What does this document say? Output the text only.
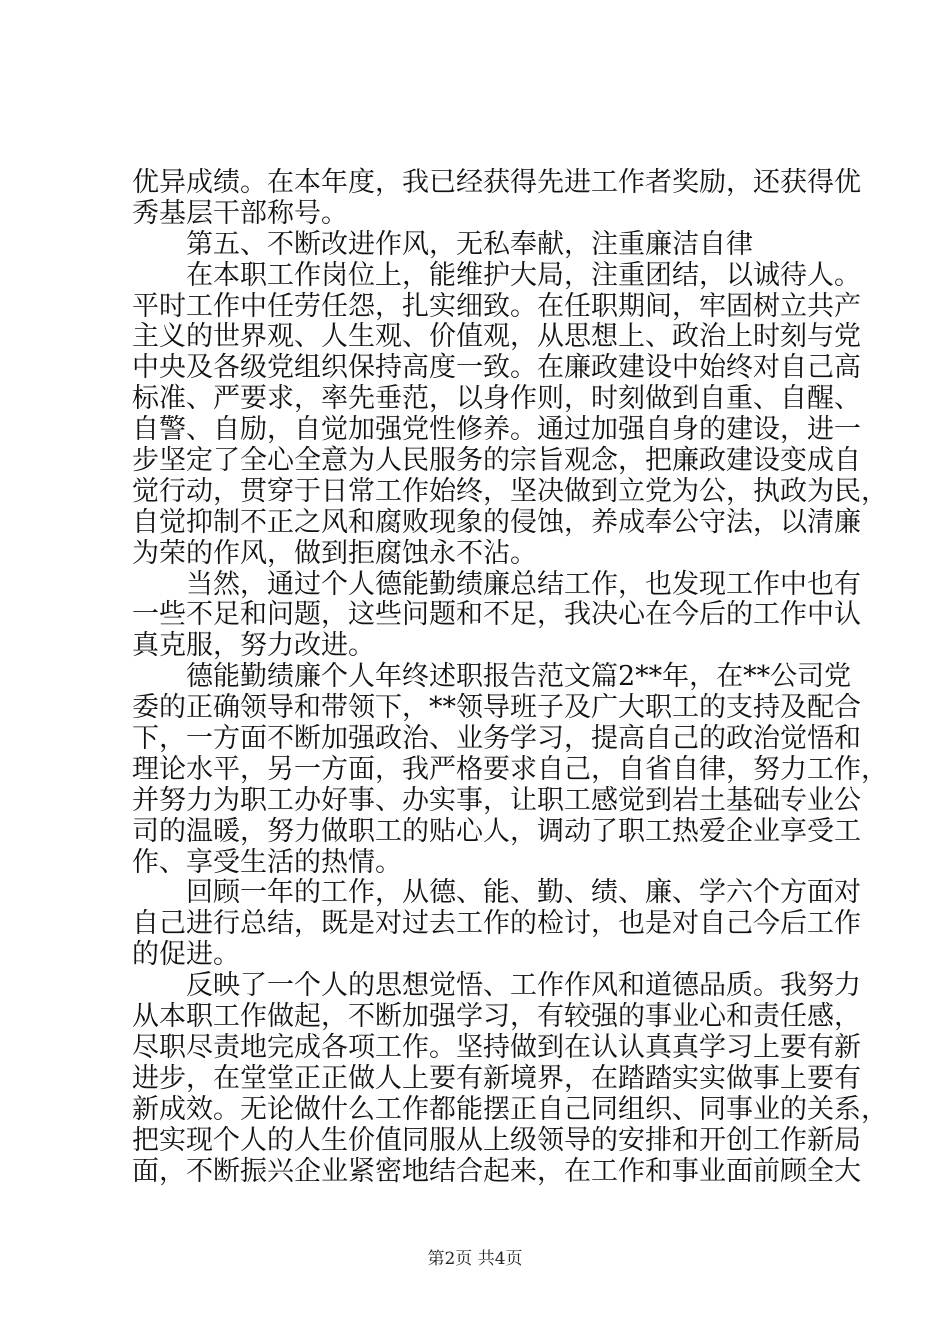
优异成绩。在本年度，我已经获得先进工作者奖励，还获得优
秀基层干部称号。
　　第五、不断改进作风，无私奉献，注重廉洁自律
　　在本职工作岗位上，能维护大局，注重团结，以诚待人。
平时工作中任劳任怨，扎实细致。在任职期间，牢固树立共产
主义的世界观、人生观、价值观，从思想上、政治上时刻与党
中央及各级党组织保持高度一致。在廉政建设中始终对自己高
标准、严要求，率先垂范，以身作则，时刻做到自重、自醒、
自警、自励，自觉加强党性修养。通过加强自身的建设，进一
步坚定了全心全意为人民服务的宗旨观念，把廉政建设变成自
觉行动，贯穿于日常工作始终，坚决做到立党为公，执政为民，
自觉抑制不正之风和腐败现象的侵蚀，养成奉公守法，以清廉
为荣的作风，做到拒腐蚀永不沾。
　　当然，通过个人德能勤绩廉总结工作，也发现工作中也有
一些不足和问题，这些问题和不足，我决心在今后的工作中认
真克服，努力改进。
　　德能勤绩廉个人年终述职报告范文篇2**年，在**公司党
委的正确领导和带领下，**领导班子及广大职工的支持及配合
下，一方面不断加强政治、业务学习，提高自己的政治觉悟和
理论水平，另一方面，我严格要求自己，自省自律，努力工作，
并努力为职工办好事、办实事，让职工感觉到岩土基础专业公
司的温暖，努力做职工的贴心人，调动了职工热爱企业享受工
作、享受生活的热情。
　　回顾一年的工作，从德、能、勤、绩、廉、学六个方面对
自己进行总结，既是对过去工作的检讨，也是对自己今后工作
的促进。
　　反映了一个人的思想觉悟、工作作风和道德品质。我努力
从本职工作做起，不断加强学习，有较强的事业心和责任感，
尽职尽责地完成各项工作。坚持做到在认认真真学习上要有新
进步，在堂堂正正做人上要有新境界，在踏踏实实做事上要有
新成效。无论做什么工作都能摆正自己同组织、同事业的关系，
把实现个人的人生价值同服从上级领导的安排和开创工作新局
面，不断振兴企业紧密地结合起来，在工作和事业面前顾全大
第2页 共4页
